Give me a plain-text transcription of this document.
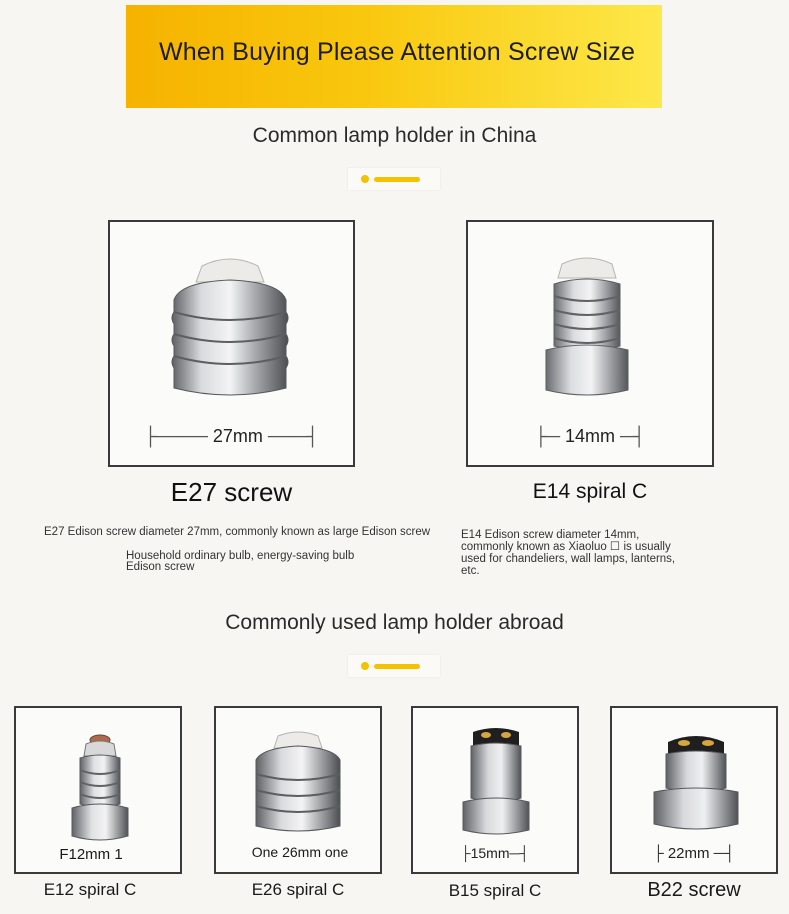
When Buying Please Attention Screw Size
Common lamp holder in China
├──── 27mm ───┤
E27 screw
E27 Edison screw diameter 27mm, commonly known as large Edison screw
Household ordinary bulb, energy-saving bulb
Edison screw
├─ 14mm ─┤
E14 spiral C
E14 Edison screw diameter 14mm,
commonly known as Xiaoluo ☐ is usually
used for chandeliers, wall lamps, lanterns,
etc.
Commonly used lamp holder abroad
F12mm 1
E12 spiral C
One 26mm one
E26 spiral C
├15mm─┤
B15 spiral C
├ 22mm ─┤
B22 screw
